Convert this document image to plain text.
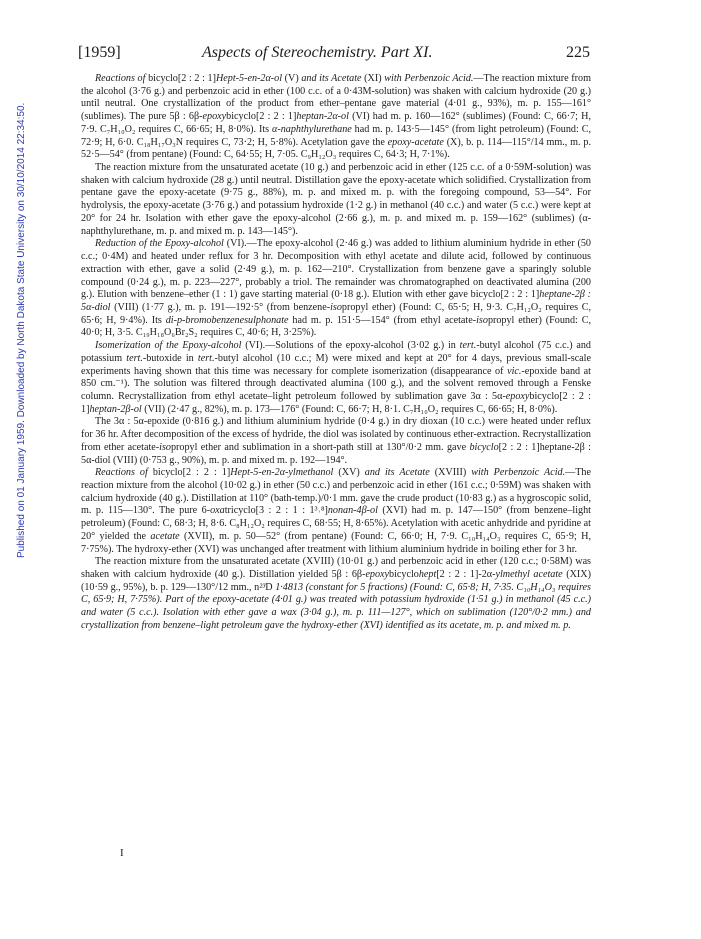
[1959]	Aspects of Stereochemistry. Part XI.	225
Published on 01 January 1959. Downloaded by North Dakota State University on 30/10/2014 22:34:50.

Reactions of bicyclo[2 : 2 : 1]Hept-5-en-2α-ol (V) and its Acetate (XI) with Perbenzoic Acid.—The reaction mixture from the alcohol (3·76 g.) and perbenzoic acid in ether (100 c.c. of a 0·43M-solution) was shaken with calcium hydroxide (20 g.) until neutral. One crystallization of the product from ether–pentane gave material (4·01 g., 93%), m. p. 155—161° (sublimes). The pure 5β : 6β-epoxybicyclo[2 : 2 : 1]heptan-2α-ol (VI) had m. p. 160—162° (sublimes) (Found: C, 66·7; H, 7·9. C₇H₁₀O₂ requires C, 66·65; H, 8·0%). Its α-naphthylurethane had m. p. 143·5—145° (from light petroleum) (Found: C, 72·9; H, 6·0. C₁₈H₁₇O₃N requires C, 73·2; H, 5·8%). Acetylation gave the epoxy-acetate (X), b. p. 114—115°/14 mm., m. p. 52·5—54° (from pentane) (Found: C, 64·55; H, 7·05. C₉H₁₂O₃ requires C, 64·3; H, 7·1%).

The reaction mixture from the unsaturated acetate (10 g.) and perbenzoic acid in ether (125 c.c. of a 0·59M-solution) was shaken with calcium hydroxide (28 g.) until neutral. Distillation gave the epoxy-acetate which solidified. Crystallization from pentane gave the epoxy-acetate (9·75 g., 88%), m. p. and mixed m. p. with the foregoing compound, 53—54°. For hydrolysis, the epoxy-acetate (3·76 g.) and potassium hydroxide (1·2 g.) in methanol (40 c.c.) and water (5 c.c.) were kept at 20° for 24 hr. Isolation with ether gave the epoxy-alcohol (2·66 g.), m. p. and mixed m. p. 159—162° (sublimes) (α-naphthylurethane, m. p. and mixed m. p. 143—145°).

Reduction of the Epoxy-alcohol (VI).—The epoxy-alcohol (2·46 g.) was added to lithium aluminium hydride in ether (50 c.c.; 0·4M) and heated under reflux for 3 hr. Decomposition with ethyl acetate and dilute acid, followed by continuous extraction with ether, gave a solid (2·49 g.), m. p. 162—210°. Crystallization from benzene gave a sparingly soluble compound (0·24 g.), m. p. 223—227°, probably a triol. The remainder was chromatographed on deactivated alumina (200 g.). Elution with benzene–ether (1 : 1) gave starting material (0·18 g.). Elution with ether gave bicyclo[2 : 2 : 1]heptane-2β : 5α-diol (VIII) (1·77 g.), m. p. 191—192·5° (from benzene-isopropyl ether) (Found: C, 65·5; H, 9·3. C₇H₁₂O₂ requires C, 65·6; H, 9·4%). Its di-p-bromobenzenesulphonate had m. p. 151·5—154° (from ethyl acetate-isopropyl ether) (Found: C, 40·0; H, 3·5. C₁₉H₁₈O₆Br₂S₂ requires C, 40·6; H, 3·25%).

Isomerization of the Epoxy-alcohol (VI).—Solutions of the epoxy-alcohol (3·02 g.) in tert.-butyl alcohol (75 c.c.) and potassium tert.-butoxide in tert.-butyl alcohol (10 c.c.; M) were mixed and kept at 20° for 4 days, previous small-scale experiments having shown that this time was necessary for complete isomerization (disappearance of vic.-epoxide band at 850 cm.⁻¹). The solution was filtered through deactivated alumina (100 g.), and the solvent removed through a Fenske column. Recrystallization from ethyl acetate–light petroleum followed by sublimation gave 3α : 5α-epoxybicyclo[2 : 2 : 1]heptan-2β-ol (VII) (2·47 g., 82%), m. p. 173—176° (Found: C, 66·7; H, 8·1. C₇H₁₀O₂ requires C, 66·65; H, 8·0%).

The 3α : 5α-epoxide (0·816 g.) and lithium aluminium hydride (0·4 g.) in dry dioxan (10 c.c.) were heated under reflux for 36 hr. After decomposition of the excess of hydride, the diol was isolated by continuous ether-extraction. Recrystallization from ether acetate-isopropyl ether and sublimation in a short-path still at 130°/0·2 mm. gave bicyclo[2 : 2 : 1]heptane-2β : 5α-diol (VIII) (0·753 g., 90%), m. p. and mixed m. p. 192—194°.

Reactions of bicyclo[2 : 2 : 1]Hept-5-en-2α-ylmethanol (XV) and its Acetate (XVIII) with Perbenzoic Acid.—The reaction mixture from the alcohol (10·02 g.) in ether (50 c.c.) and perbenzoic acid in ether (161 c.c.; 0·59M) was shaken with calcium hydroxide (40 g.). Distillation at 110° (bath-temp.)/0·1 mm. gave the crude product (10·83 g.) as a hygroscopic solid, m. p. 115—130°. The pure 6-oxatricyclo[3 : 2 : 1 : 1³˒⁸]nonan-4β-ol (XVI) had m. p. 147—150° (from benzene–light petroleum) (Found: C, 68·3; H, 8·6. C₈H₁₂O₂ requires C, 68·55; H, 8·65%). Acetylation with acetic anhydride and pyridine at 20° yielded the acetate (XVII), m. p. 50—52° (from pentane) (Found: C, 66·0; H, 7·9. C₁₀H₁₄O₃ requires C, 65·9; H, 7·75%). The hydroxy-ether (XVI) was unchanged after treatment with lithium aluminium hydride in boiling ether for 3 hr.

The reaction mixture from the unsaturated acetate (XVIII) (10·01 g.) and perbenzoic acid in ether (120 c.c.; 0·58M) was shaken with calcium hydroxide (40 g.). Distillation yielded 5β : 6β-epoxybicyclohept[2 : 2 : 1]-2α-ylmethyl acetate (XIX) (10·59 g., 95%), b. p. 129—130°/12 mm., n²³D 1·4813 (constant for 5 fractions) (Found: C, 65·8; H, 7·35. C₁₀H₁₄O₃ requires C, 65·9; H, 7·75%). Part of the epoxy-acetate (4·01 g.) was treated with potassium hydroxide (1·51 g.) in methanol (45 c.c.) and water (5 c.c.). Isolation with ether gave a wax (3·04 g.), m. p. 111—127°, which on sublimation (120°/0·2 mm.) and crystallization from benzene–light petroleum gave the hydroxy-ether (XVI) identified as its acetate, m. p. and mixed m. p.

I
